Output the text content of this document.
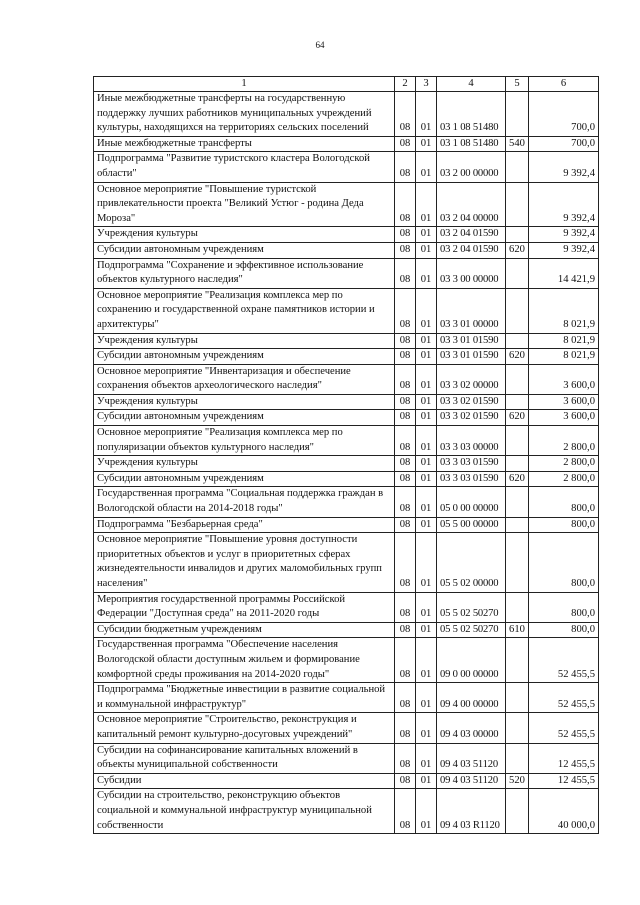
64
1	2	3	4	5	6
Иные межбюджетные трансферты на государственную поддержку лучших работников муниципальных учреждений культуры, находящихся на территориях сельских поселений	08	01	03 1 08 51480		700,0
Иные межбюджетные трансферты	08	01	03 1 08 51480	540	700,0
Подпрограмма "Развитие туристского кластера Вологодской области"	08	01	03 2 00 00000		9 392,4
Основное мероприятие "Повышение туристской привлекательности проекта "Великий Устюг - родина Деда Мороза"	08	01	03 2 04 00000		9 392,4
Учреждения культуры	08	01	03 2 04 01590		9 392,4
Субсидии автономным учреждениям	08	01	03 2 04 01590	620	9 392,4
Подпрограмма "Сохранение и эффективное использование объектов культурного наследия"	08	01	03 3 00 00000		14 421,9
Основное мероприятие "Реализация комплекса мер по сохранению и государственной охране памятников истории и архитектуры"	08	01	03 3 01 00000		8 021,9
Учреждения культуры	08	01	03 3 01 01590		8 021,9
Субсидии автономным учреждениям	08	01	03 3 01 01590	620	8 021,9
Основное мероприятие "Инвентаризация и обеспечение сохранения объектов археологического наследия"	08	01	03 3 02 00000		3 600,0
Учреждения культуры	08	01	03 3 02 01590		3 600,0
Субсидии автономным учреждениям	08	01	03 3 02 01590	620	3 600,0
Основное мероприятие "Реализация комплекса мер по популяризации объектов культурного наследия"	08	01	03 3 03 00000		2 800,0
Учреждения культуры	08	01	03 3 03 01590		2 800,0
Субсидии автономным учреждениям	08	01	03 3 03 01590	620	2 800,0
Государственная программа "Социальная поддержка граждан в Вологодской области на 2014-2018 годы"	08	01	05 0 00 00000		800,0
Подпрограмма "Безбарьерная среда"	08	01	05 5 00 00000		800,0
Основное мероприятие "Повышение уровня доступности приоритетных объектов и услуг в приоритетных сферах жизнедеятельности инвалидов и других маломобильных групп населения"	08	01	05 5 02 00000		800,0
Мероприятия государственной программы Российской Федерации "Доступная среда" на 2011-2020 годы	08	01	05 5 02 50270		800,0
Субсидии бюджетным учреждениям	08	01	05 5 02 50270	610	800,0
Государственная программа "Обеспечение населения Вологодской области доступным жильем и формирование комфортной среды проживания на 2014-2020 годы"	08	01	09 0 00 00000		52 455,5
Подпрограмма "Бюджетные инвестиции в развитие социальной и коммунальной инфраструктур"	08	01	09 4 00 00000		52 455,5
Основное мероприятие "Строительство, реконструкция и капитальный ремонт культурно-досуговых учреждений"	08	01	09 4 03 00000		52 455,5
Субсидии на софинансирование капитальных вложений в объекты муниципальной собственности	08	01	09 4 03 51120		12 455,5
Субсидии	08	01	09 4 03 51120	520	12 455,5
Субсидии на строительство, реконструкцию объектов социальной и коммунальной инфраструктур муниципальной собственности	08	01	09 4 03 R1120		40 000,0
